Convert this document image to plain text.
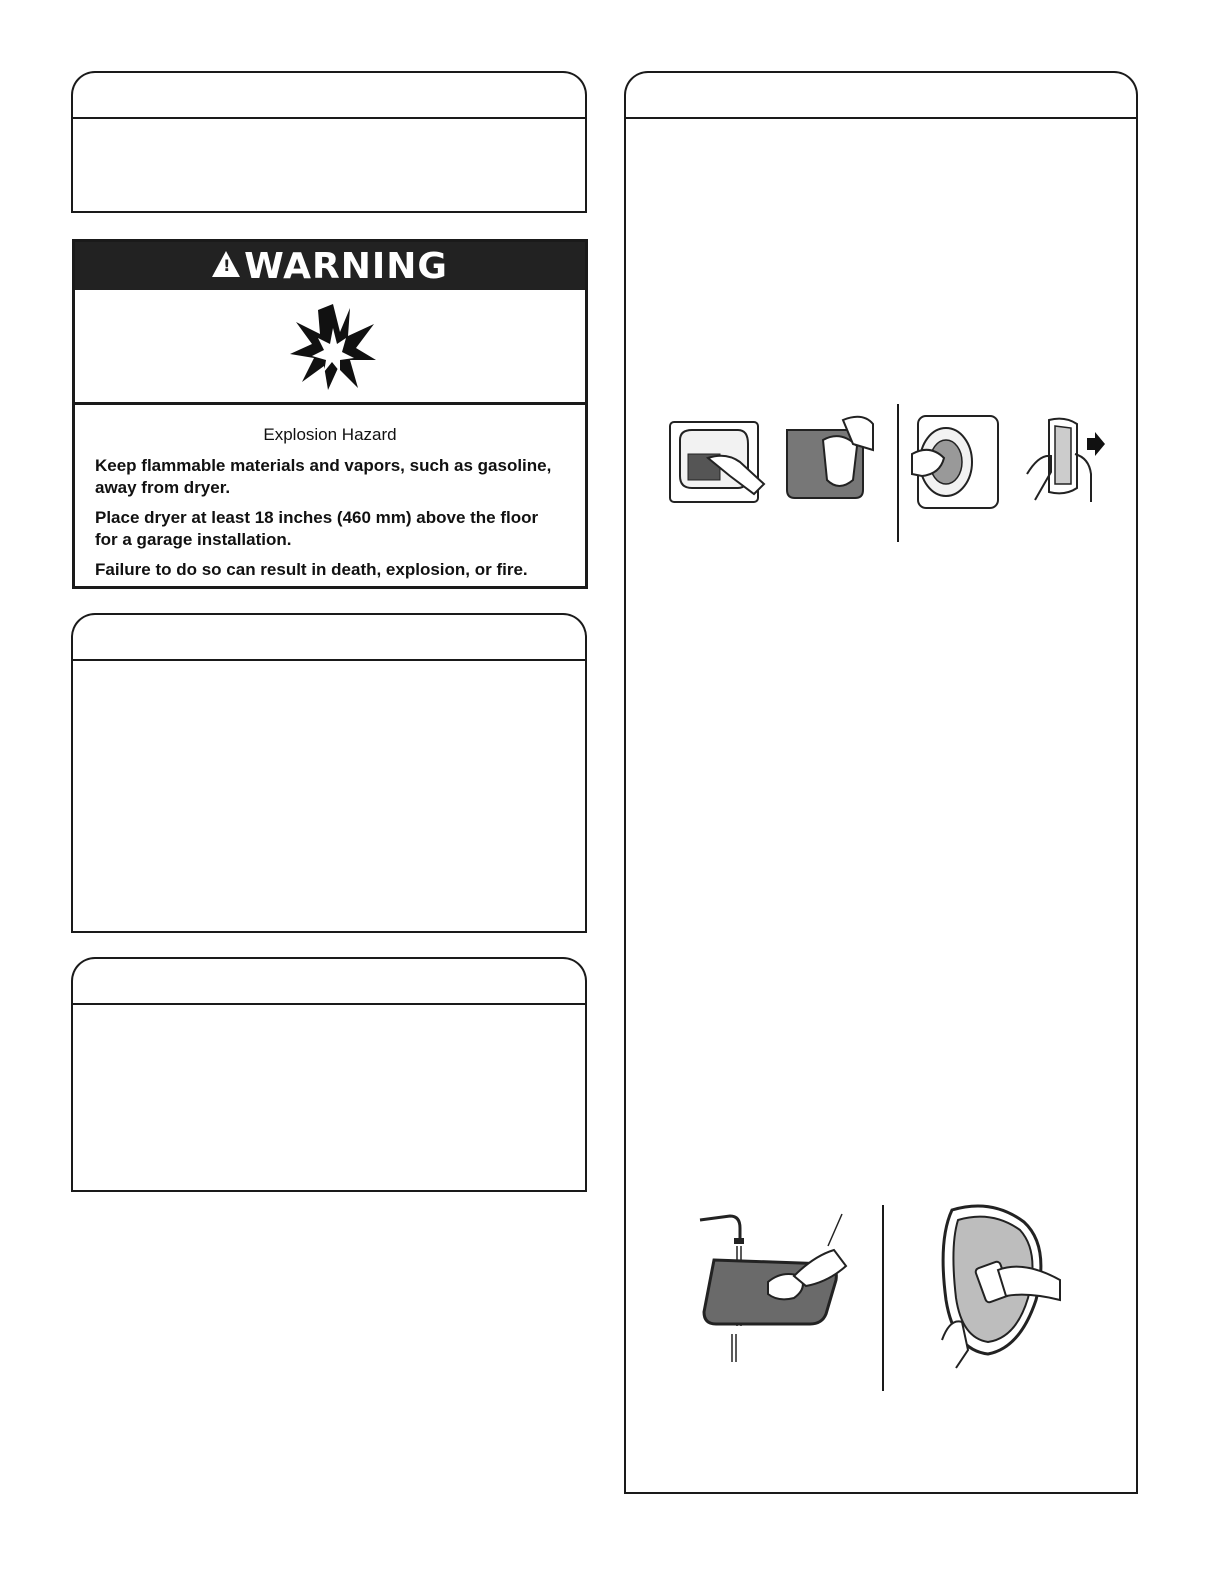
!
WARNING
Explosion Hazard

Keep flammable materials and vapors, such as gasoline, away from dryer.

Place dryer at least 18 inches (460 mm) above the floor for a garage installation.

Failure to do so can result in death, explosion, or fire.
